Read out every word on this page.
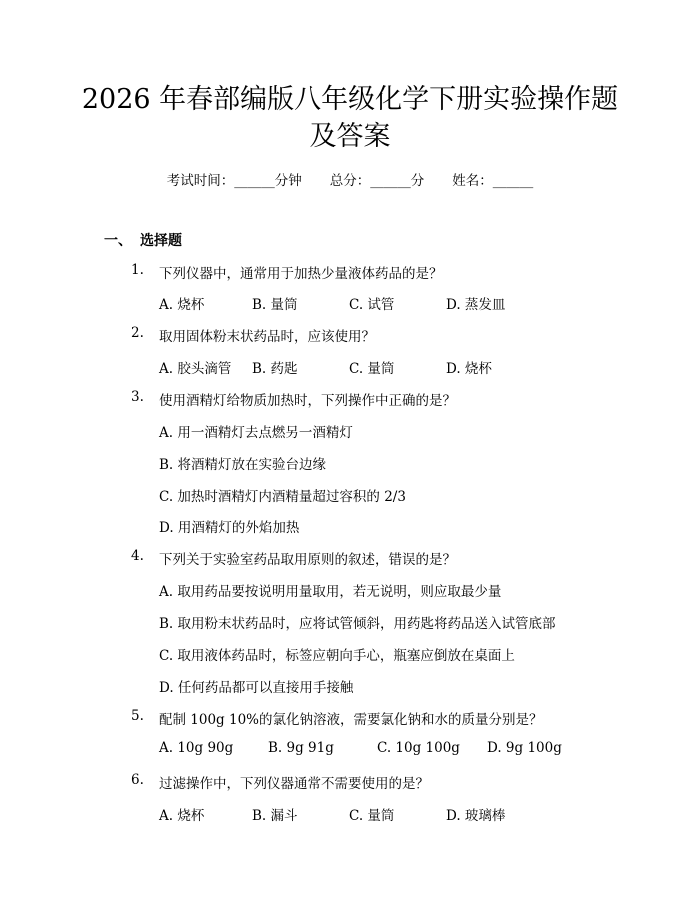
2026 年春部编版八年级化学下册实验操作题
及答案
考试时间：______分钟 总分：______分 姓名：______
一、 选择题
1. 下列仪器中，通常用于加热少量液体药品的是？
A. 烧杯	B. 量筒	C. 试管	D. 蒸发皿
2. 取用固体粉末状药品时，应该使用？
A. 胶头滴管 B. 药匙	C. 量筒	D. 烧杯
3. 使用酒精灯给物质加热时，下列操作中正确的是？
A. 用一酒精灯去点燃另一酒精灯
B. 将酒精灯放在实验台边缘
C. 加热时酒精灯内酒精量超过容积的 2/3
D. 用酒精灯的外焰加热
4. 下列关于实验室药品取用原则的叙述，错误的是？
A. 取用药品要按说明用量取用，若无说明，则应取最少量
B. 取用粉末状药品时，应将试管倾斜，用药匙将药品送入试管底部
C. 取用液体药品时，标签应朝向手心，瓶塞应倒放在桌面上
D. 任何药品都可以直接用手接触
5. 配制 100g 10%的氯化钠溶液，需要氯化钠和水的质量分别是？
A. 10g 90g	B. 9g 91g	C. 10g 100g D. 9g 100g
6. 过滤操作中，下列仪器通常不需要使用的是？
A. 烧杯	B. 漏斗	C. 量筒	D. 玻璃棒
